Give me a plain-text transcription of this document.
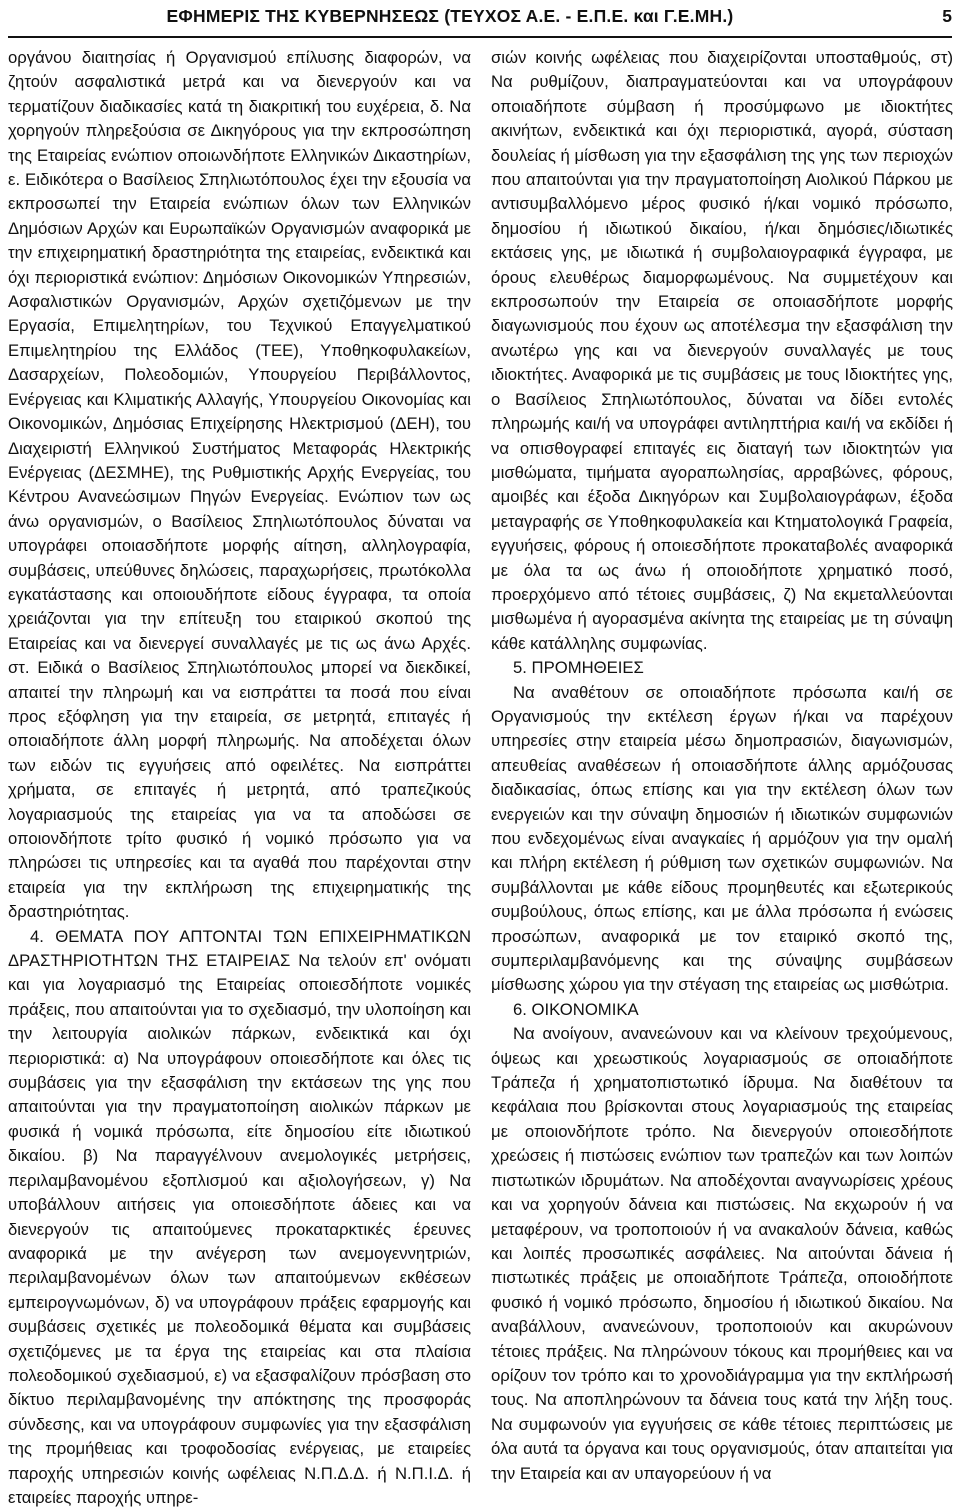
ΕΦΗΜΕΡΙΣ ΤΗΣ ΚΥΒΕΡΝΗΣΕΩΣ (ΤΕΥΧΟΣ Α.Ε. - Ε.Π.Ε. και Γ.Ε.ΜΗ.)	5

οργάνου διαιτησίας ή Οργανισμού επίλυσης διαφορών, να ζητούν ασφαλιστικά μετρά και να διενεργούν και να τερματίζουν διαδικασίες κατά τη διακριτική του ευχέρεια, δ. Να χορηγούν πληρεξούσια σε Δικηγόρους για την εκπροσώπηση της Εταιρείας ενώπιον οποιωνδήποτε Ελληνικών Δικαστηρίων, ε. Ειδικότερα ο Βασίλειος Σπηλιωτόπουλος έχει την εξουσία να εκπροσωπεί την Εταιρεία ενώπιων όλων των Ελληνικών Δημόσιων Αρχών και Ευρωπαϊκών Οργανισμών αναφορικά με την επιχειρηματική δραστηριότητα της εταιρείας, ενδεικτικά και όχι περιοριστικά ενώπιον: Δημόσιων Οικονομικών Υπηρεσιών, Ασφαλιστικών Οργανισμών, Αρχών σχετιζόμενων με την Εργασία, Επιμελητηρίων, του Τεχνικού Επαγγελματικού Επιμελητηρίου της Ελλάδος (ΤΕΕ), Υποθηκοφυλακείων, Δασαρχείων, Πολεοδομιών, Υπουργείου Περιβάλλοντος, Ενέργειας και Κλιματικής Αλλαγής, Υπουργείου Οικονομίας και Οικονομικών, Δημόσιας Επιχείρησης Ηλεκτρισμού (ΔΕΗ), του Διαχειριστή Ελληνικού Συστήματος Μεταφοράς Ηλεκτρικής Ενέργειας (ΔΕΣΜΗΕ), της Ρυθμιστικής Αρχής Ενεργείας, του Κέντρου Ανανεώσιμων Πηγών Ενεργείας. Ενώπιον των ως άνω οργανισμών, ο Βασίλειος Σπηλιωτόπουλος δύναται να υπογράφει οποιασδήποτε μορφής αίτηση, αλληλογραφία, συμβάσεις, υπεύθυνες δηλώσεις, παραχωρήσεις, πρωτόκολλα εγκατάστασης και οποιουδήποτε είδους έγγραφα, τα οποία χρειάζονται για την επίτευξη του εταιρικού σκοπού της Εταιρείας και να διενεργεί συναλλαγές με τις ως άνω Αρχές. στ. Ειδικά ο Βασίλειος Σπηλιωτόπουλος μπορεί να διεκδικεί, απαιτεί την πληρωμή και να εισπράττει τα ποσά που είναι προς εξόφληση για την εταιρεία, σε μετρητά, επιταγές ή οποιαδήποτε άλλη μορφή πληρωμής. Να αποδέχεται όλων των ειδών τις εγγυήσεις από οφειλέτες. Να εισπράττει χρήματα, σε επιταγές ή μετρητά, από τραπεζικούς λογαριασμούς της εταιρείας για να τα αποδώσει σε οποιονδήποτε τρίτο φυσικό ή νομικό πρόσωπο για να πληρώσει τις υπηρεσίες και τα αγαθά που παρέχονται στην εταιρεία για την εκπλήρωση της επιχειρηματικής της δραστηριότητας.

4. ΘΕΜΑΤΑ ΠΟΥ ΑΠΤΟΝΤΑΙ ΤΩΝ ΕΠΙΧΕΙΡΗΜΑΤΙΚΩΝ ΔΡΑΣΤΗΡΙΟΤΗΤΩΝ ΤΗΣ ΕΤΑΙΡΕΙΑΣ Να τελούν επ' ονόματι και για λογαριασμό της Εταιρείας οποιεσδήποτε νομικές πράξεις, που απαιτούνται για το σχεδιασμό, την υλοποίηση και την λειτουργία αιολικών πάρκων, ενδεικτικά και όχι περιοριστικά: α) Να υπογράφουν οποιεσδήποτε και όλες τις συμβάσεις για την εξασφάλιση την εκτάσεων της γης που απαιτούνται για την πραγματοποίηση αιολικών πάρκων με φυσικά ή νομικά πρόσωπα, είτε δημοσίου είτε ιδιωτικού δικαίου. β) Να παραγγέλνουν ανεμολογικές μετρήσεις, περιλαμβανομένου εξοπλισμού και αξιολογήσεων, γ) Να υποβάλλουν αιτήσεις για οποιεσδήποτε άδειες και να διενεργούν τις απαιτούμενες προκαταρκτικές έρευνες αναφορικά με την ανέγερση των ανεμογεννητριών, περιλαμβανομένων όλων των απαιτούμενων εκθέσεων εμπειρογνωμόνων, δ) να υπογράφουν πράξεις εφαρμογής και συμβάσεις σχετικές με πολεοδομικά θέματα και συμβάσεις σχετιζόμενες με τα έργα της εταιρείας και στα πλαίσια πολεοδομικού σχεδιασμού, ε) να εξασφαλίζουν πρόσβαση στο δίκτυο περιλαμβανομένης την απόκτησης της προσφοράς σύνδεσης, και να υπογράφουν συμφωνίες για την εξασφάλιση της προμήθειας και τροφοδοσίας ενέργειας, με εταιρείες παροχής υπηρεσιών κοινής ωφέλειας Ν.Π.Δ.Δ. ή Ν.Π.Ι.Δ. ή εταιρείες παροχής υπηρε-

σιών κοινής ωφέλειας που διαχειρίζονται υποσταθμούς, στ) Να ρυθμίζουν, διαπραγματεύονται και να υπογράφουν οποιαδήποτε σύμβαση ή προσύμφωνο με ιδιοκτήτες ακινήτων, ενδεικτικά και όχι περιοριστικά, αγορά, σύσταση δουλείας ή μίσθωση για την εξασφάλιση της γης των περιοχών που απαιτούνται για την πραγματοποίηση Αιολικού Πάρκου με αντισυμβαλλόμενο μέρος φυσικό ή/και νομικό πρόσωπο, δημοσίου ή ιδιωτικού δικαίου, ή/και δημόσιες/ιδιωτικές εκτάσεις γης, με ιδιωτικά ή συμβολαιογραφικά έγγραφα, με όρους ελευθέρως διαμορφωμένους. Να συμμετέχουν και εκπροσωπούν την Εταιρεία σε οποιασδήποτε μορφής διαγωνισμούς που έχουν ως αποτέλεσμα την εξασφάλιση την ανωτέρω γης και να διενεργούν συναλλαγές με τους ιδιοκτήτες. Αναφορικά με τις συμβάσεις με τους Ιδιοκτήτες γης, ο Βασίλειος Σπηλιωτόπουλος, δύναται να δίδει εντολές πληρωμής και/ή να υπογράφει αντιληπτήρια και/ή να εκδίδει ή να οπισθογραφεί επιταγές εις διαταγή των ιδιοκτητών για μισθώματα, τιμήματα αγοραπωλησίας, αρραβώνες, φόρους, αμοιβές και έξοδα Δικηγόρων και Συμβολαιογράφων, έξοδα μεταγραφής σε Υποθηκοφυλακεία και Κτηματολογικά Γραφεία, εγγυήσεις, φόρους ή οποιεσδήποτε προκαταβολές αναφορικά με όλα τα ως άνω ή οποιοδήποτε χρηματικό ποσό, προερχόμενο από τέτοιες συμβάσεις, ζ) Να εκμεταλλεύονται μισθωμένα ή αγορασμένα ακίνητα της εταιρείας με τη σύναψη κάθε κατάλληλης συμφωνίας.

5. ΠΡΟΜΗΘΕΙΕΣ

Να αναθέτουν σε οποιαδήποτε πρόσωπα και/ή σε Οργανισμούς την εκτέλεση έργων ή/και να παρέχουν υπηρεσίες στην εταιρεία μέσω δημοπρασιών, διαγωνισμών, απευθείας αναθέσεων ή οποιασδήποτε άλλης αρμόζουσας διαδικασίας, όπως επίσης και για την εκτέλεση όλων των ενεργειών και την σύναψη δημοσιών ή ιδιωτικών συμφωνιών που ενδεχομένως είναι αναγκαίες ή αρμόζουν για την ομαλή και πλήρη εκτέλεση ή ρύθμιση των σχετικών συμφωνιών. Να συμβάλλονται με κάθε είδους προμηθευτές και εξωτερικούς συμβούλους, όπως επίσης, και με άλλα πρόσωπα ή ενώσεις προσώπων, αναφορικά με τον εταιρικό σκοπό της, συμπεριλαμβανόμενης και της σύναψης συμβάσεων μίσθωσης χώρου για την στέγαση της εταιρείας ως μισθώτρια.

6. ΟΙΚΟΝΟΜΙΚΑ

Να ανοίγουν, ανανεώνουν και να κλείνουν τρεχούμενους, όψεως και χρεωστικούς λογαριασμούς σε οποιαδήποτε Τράπεζα ή χρηματοπιστωτικό ίδρυμα. Να διαθέτουν τα κεφάλαια που βρίσκονται στους λογαριασμούς της εταιρείας με οποιονδήποτε τρόπο. Να διενεργούν οποιεσδήποτε χρεώσεις ή πιστώσεις ενώπιον των τραπεζών και των λοιπών πιστωτικών ιδρυμάτων. Να αποδέχονται αναγνωρίσεις χρέους και να χορηγούν δάνεια και πιστώσεις. Να εκχωρούν ή να μεταφέρουν, να τροποποιούν ή να ανακαλούν δάνεια, καθώς και λοιπές προσωπικές ασφάλειες. Να αιτούνται δάνεια ή πιστωτικές πράξεις με οποιαδήποτε Τράπεζα, οποιοδήποτε φυσικό ή νομικό πρόσωπο, δημοσίου ή ιδιωτικού δικαίου. Να αναβάλλουν, ανανεώνουν, τροποποιούν και ακυρώνουν τέτοιες πράξεις. Να πληρώνουν τόκους και προμήθειες και να ορίζουν τον τρόπο και το χρονοδιάγραμμα για την εκπλήρωσή τους. Να αποπληρώνουν τα δάνεια τους κατά την λήξη τους. Να συμφωνούν για εγγυήσεις σε κάθε τέτοιες περιπτώσεις με όλα αυτά τα όργανα και τους οργανισμούς, όταν απαιτείται για την Εταιρεία και αν υπαγορεύουν ή να
